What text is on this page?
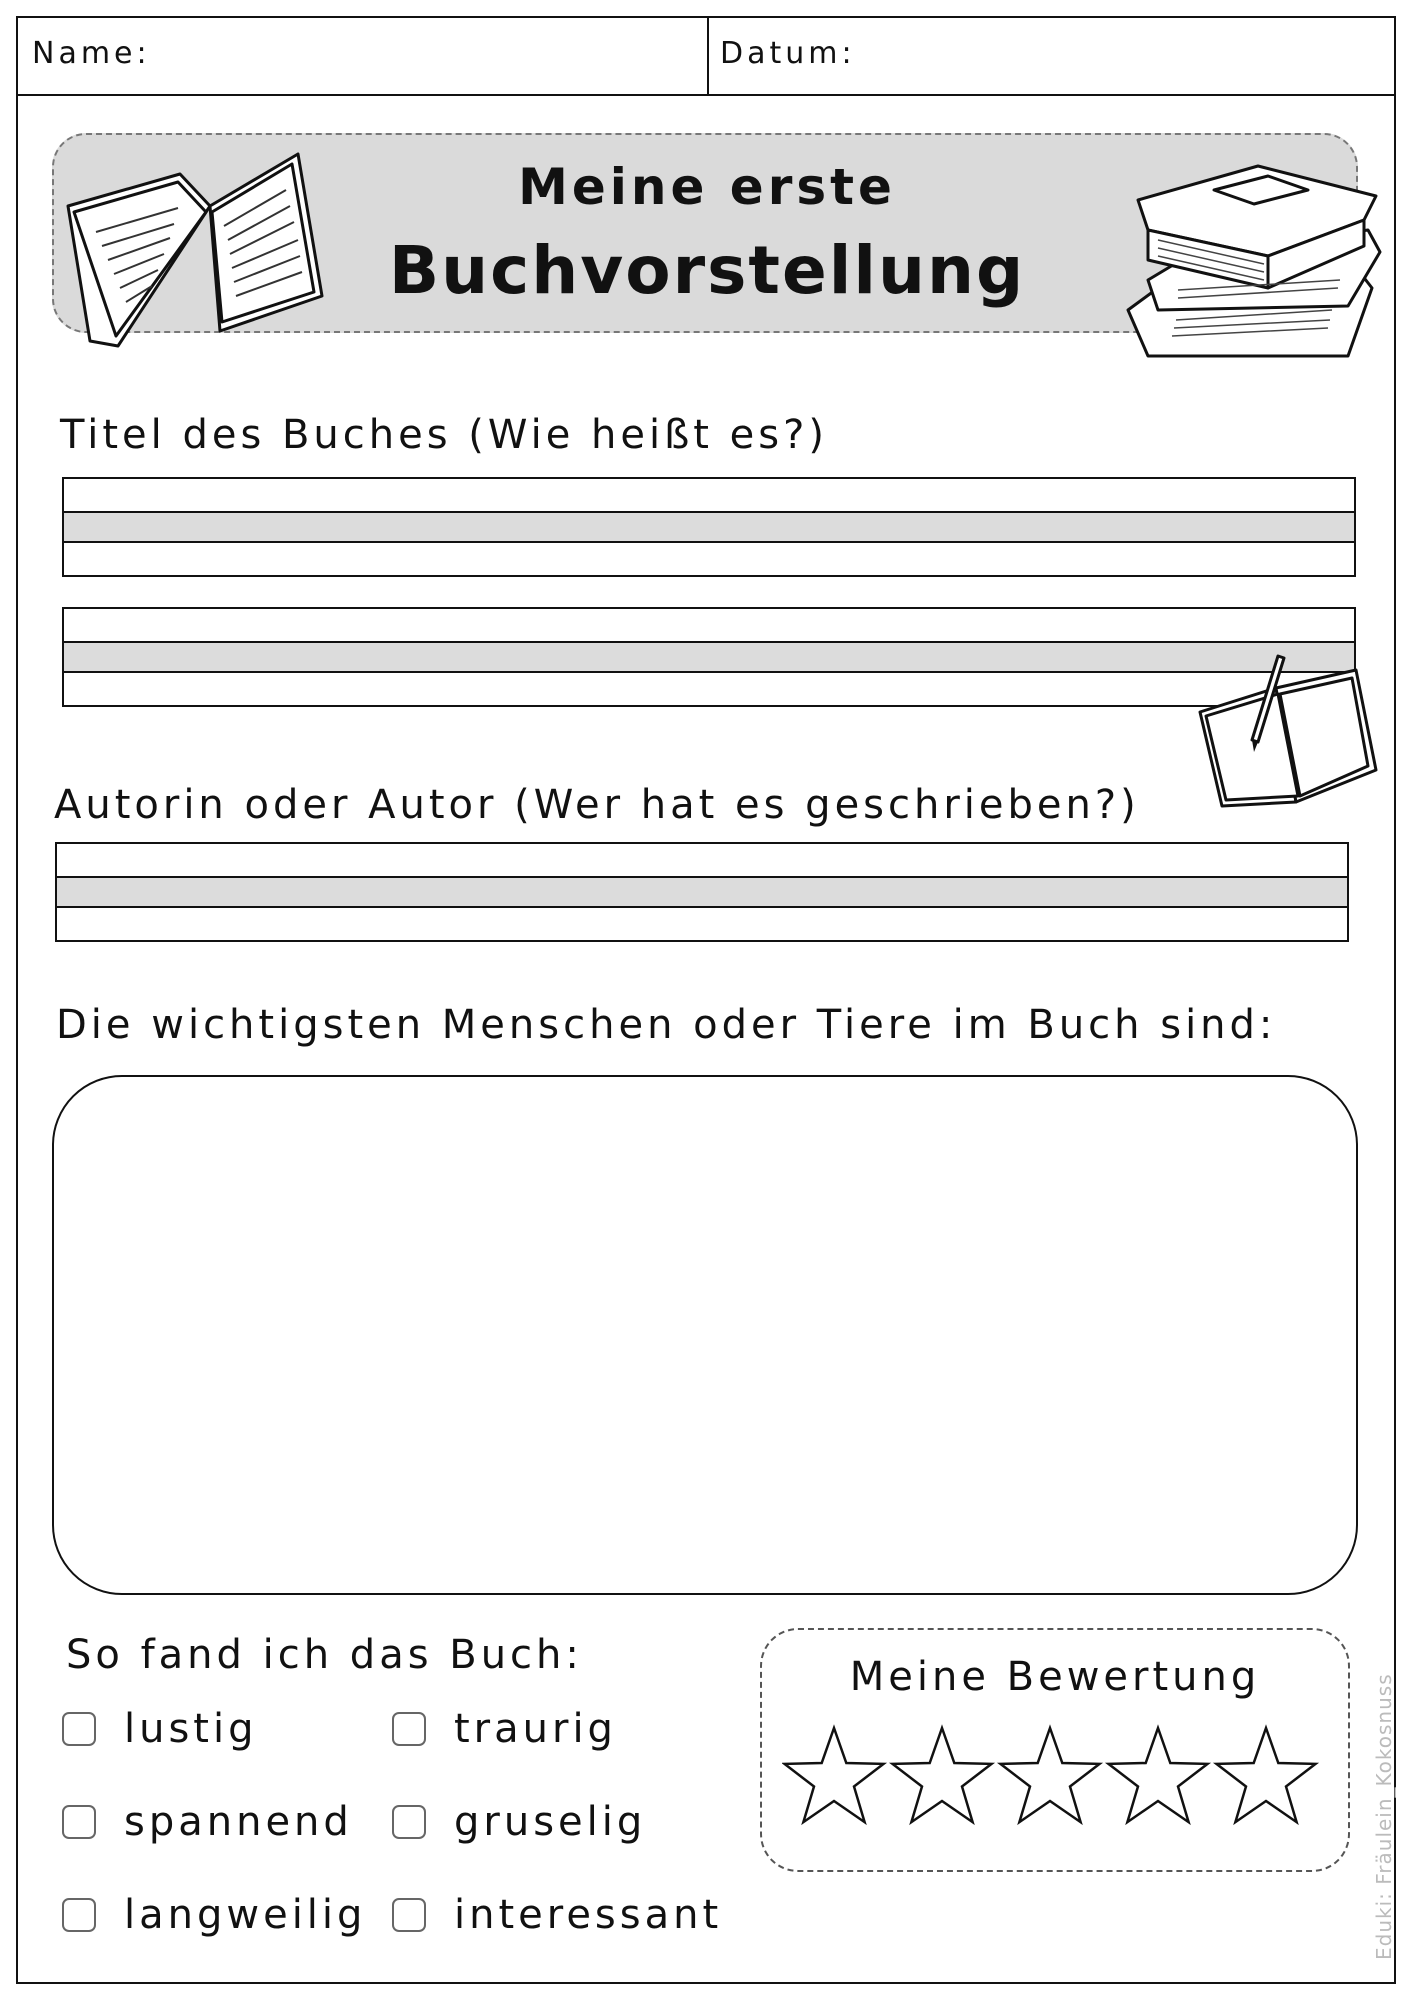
Name:	Datum:
Meine erste
Buchvorstellung
Titel des Buches (Wie heißt es?)
Autorin oder Autor (Wer hat es geschrieben?)
Die wichtigsten Menschen oder Tiere im Buch sind:
So fand ich das Buch:
lustig	traurig
spannend	gruselig
langweilig interessant
Meine Bewertung	Eduki: Fräulein_Kokosnuss
